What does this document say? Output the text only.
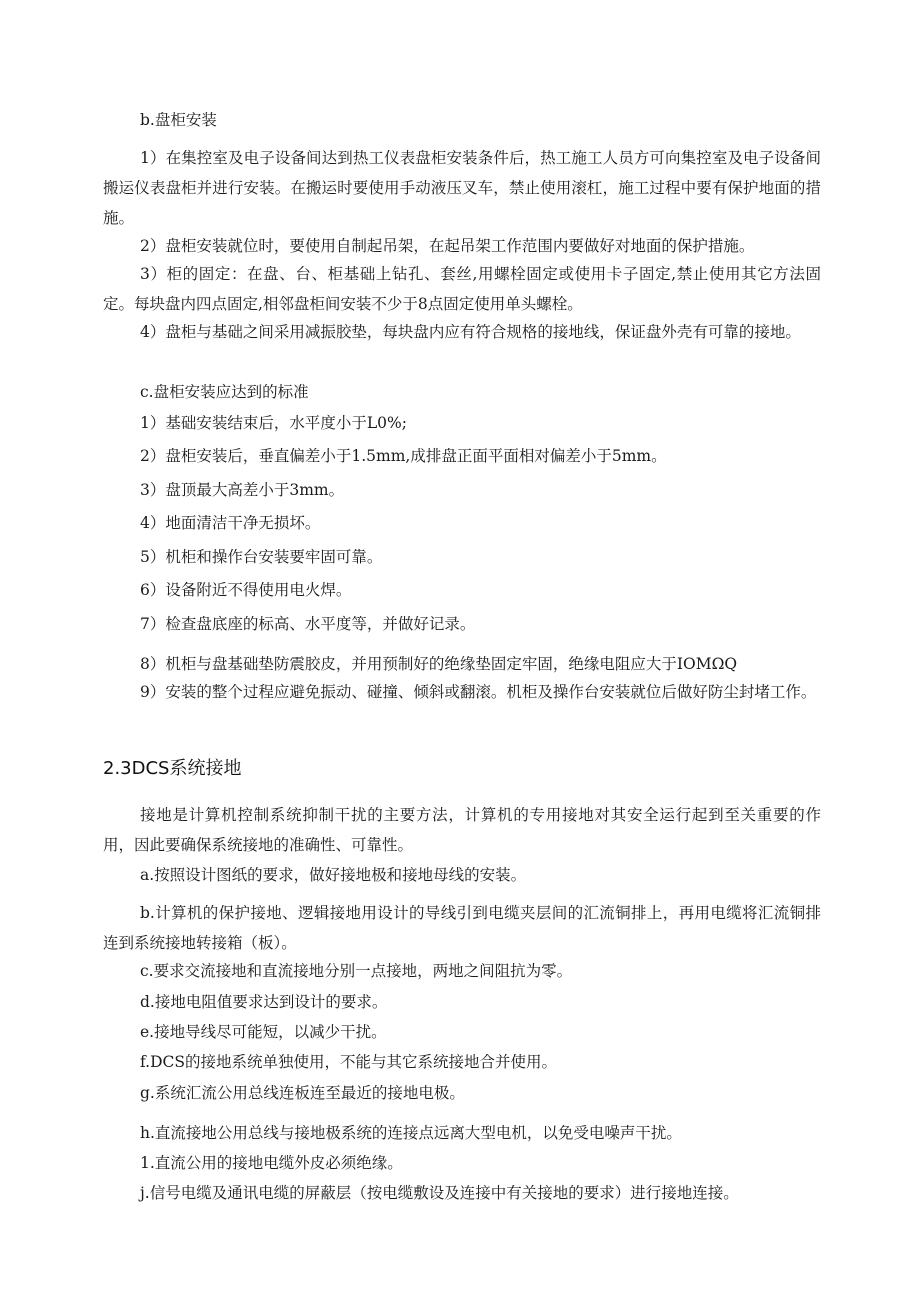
b.盘柜安装
1）在集控室及电子设备间达到热工仪表盘柜安装条件后，热工施工人员方可向集控室及电子设备间搬运仪表盘柜并进行安装。在搬运时要使用手动液压叉车，禁止使用滚杠，施工过程中要有保护地面的措施。
2）盘柜安装就位时，要使用自制起吊架，在起吊架工作范围内要做好对地面的保护措施。
3）柜的固定：在盘、台、柜基础上钻孔、套丝,用螺栓固定或使用卡子固定,禁止使用其它方法固定。每块盘内四点固定,相邻盘柜间安装不少于8点固定使用单头螺栓。
4）盘柜与基础之间采用减振胶垫，每块盘内应有符合规格的接地线，保证盘外壳有可靠的接地。
c.盘柜安装应达到的标准
1）基础安装结束后，水平度小于L0%;
2）盘柜安装后，垂直偏差小于1.5mm,成排盘正面平面相对偏差小于5mm。
3）盘顶最大高差小于3mm。
4）地面清洁干净无损坏。
5）机柜和操作台安装要牢固可靠。
6）设备附近不得使用电火焊。
7）检查盘底座的标高、水平度等，并做好记录。
8）机柜与盘基础垫防震胶皮，并用预制好的绝缘垫固定牢固，绝缘电阻应大于IOMΩQ
9）安装的整个过程应避免振动、碰撞、倾斜或翻滚。机柜及操作台安装就位后做好防尘封堵工作。
2.3DCS系统接地
接地是计算机控制系统抑制干扰的主要方法，计算机的专用接地对其安全运行起到至关重要的作用，因此要确保系统接地的准确性、可靠性。
a.按照设计图纸的要求，做好接地极和接地母线的安装。
b.计算机的保护接地、逻辑接地用设计的导线引到电缆夹层间的汇流铜排上，再用电缆将汇流铜排连到系统接地转接箱（板）。
c.要求交流接地和直流接地分别一点接地，两地之间阻抗为零。
d.接地电阻值要求达到设计的要求。
e.接地导线尽可能短，以减少干扰。
f.DCS的接地系统单独使用，不能与其它系统接地合并使用。
g.系统汇流公用总线连板连至最近的接地电极。
h.直流接地公用总线与接地极系统的连接点远离大型电机，以免受电噪声干扰。
1.直流公用的接地电缆外皮必须绝缘。
j.信号电缆及通讯电缆的屏蔽层（按电缆敷设及连接中有关接地的要求）进行接地连接。
